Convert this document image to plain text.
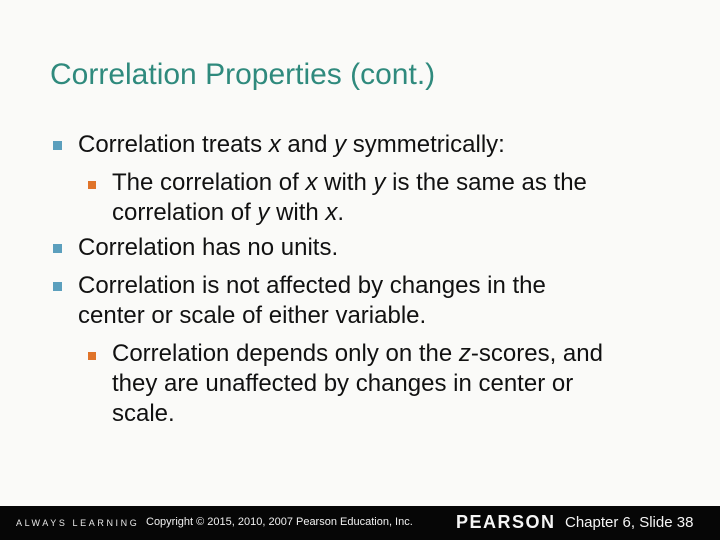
Correlation Properties (cont.)
Correlation treats x and y symmetrically:
The correlation of x with y is the same as the
correlation of y with x.
Correlation has no units.
Correlation is not affected by changes in the
center or scale of either variable.
Correlation depends only on the z-scores, and
they are unaffected by changes in center or
scale.
ALWAYS LEARNING Copyright © 2015, 2010, 2007 Pearson Education, Inc. PEARSON Chapter 6, Slide 38
